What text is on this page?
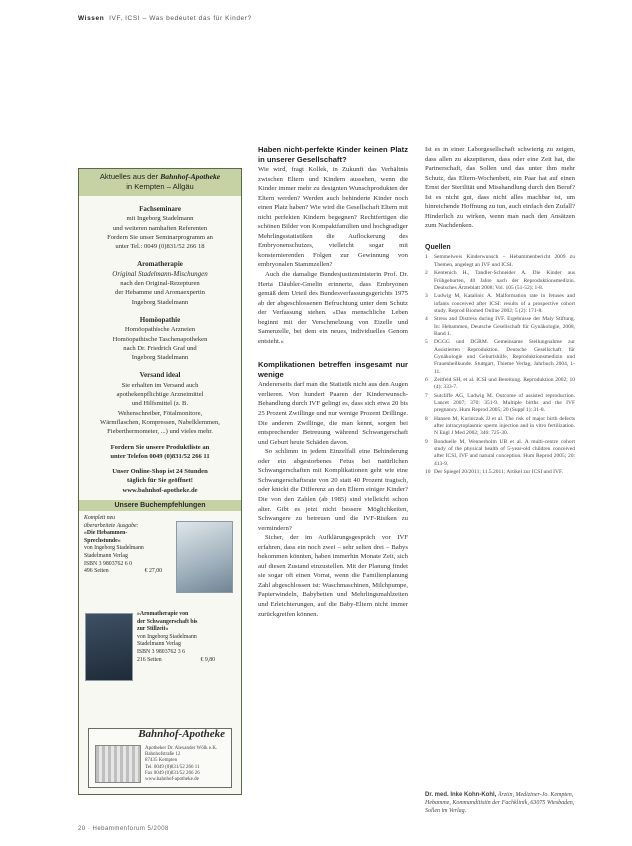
Wissen IVF, ICSI – Was bedeutet das für Kinder?
Aktuelles aus der Bahnhof-Apotheke
in Kempten – Allgäu

Fachseminare

mit Ingeborg Stadelmann

und weiteren namhaften Referenten

Fordern Sie unser Seminarprogramm an

unter Tel.: 0049 (0)831/52 266 18

Aromatherapie

Original Stadelmann-Mischungen

nach den Original-Rezepturen

der Hebamme und Aromaexpertin

Ingeborg Stadelmann

Homöopathie

Homöopathische Arzneien

Homöopathische Taschenapotheken

nach Dr. Friedrich Graf und

Ingeborg Stadelmann

Versand ideal

Sie erhalten im Versand auch

apothekenpflichtige Arzneimittel

und Hilfsmittel (z. B.

Wehenschreiber, Fötalmonitore,

Wärmflaschen, Kompressen, Nabelklemmen,

Fieberthermometer, ...) und vieles mehr.

Fordern Sie unsere Produktliste an

unter Telefon 0049 (0)831/52 266 11

Unser Online-Shop ist 24 Stunden

täglich für Sie geöffnet!

www.bahnhof-apotheke.de

Unsere Buchempfehlungen
Komplett neu
überarbeitete Ausgabe:
»Die Hebammen-
Sprechstunde«
von Ingeborg Stadelmann
Stadelmann Verlag
ISBN 3 9803762 6 0
496 Seiten	€ 27,00
»Aromatherapie von
der Schwangerschaft bis
zur Stillzeit«
von Ingeborg Stadelmann
Stadelmann Verlag
ISBN 3 9803762 3 6
216 Seiten	€ 9,80
Bahnhof-Apotheke
Apotheker Dr. Alexander Wölk e.K.
Bahnhofstraße 12
87435 Kempten
Tel. 0049 (0)831/52 266 11
Fax 0049 (0)831/52 266 26
www.bahnhof-apotheke.de
Haben nicht-perfekte Kinder keinen Platz in unserer Gesellschaft?

Wie wird, fragt Kollek, in Zukunft das Verhältnis zwischen Eltern und Kindern aussehen, wenn die Kinder immer mehr zu designten Wunschprodukten der Eltern werden? Werden auch behinderte Kinder noch einen Platz haben? Wie wird die Gesellschaft Eltern mit nicht perfekten Kindern begegnen? Rechtfertigen die schönen Bilder von Kompaktfamilien und hochgradiger Mehrlingsstatistiken die Auflockerung des Embryonenschutzes, vielleicht sogar mit konsternierenden Folgen zur Gewinnung von embryonalen Stammzellen?

Auch die damalige Bundesjustizministerin Prof. Dr. Herta Däubler-Gmelin erinnerte, dass Embryonen gemäß dem Urteil des Bundesverfassungsgerichts 1975 ab der abgeschlossenen Befruchtung unter dem Schutz der Verfassung stehen. »Das menschliche Leben beginnt mit der Verschmelzung von Eizelle und Samenzelle, bei dem ein neues, individuelles Genom entsteht.«

Komplikationen betreffen insgesamt nur wenige

Andererseits darf man die Statistik nicht aus den Augen verlieren. Von hundert Paaren der Kinderwunsch-Behandlung durch IVF gelingt es, dass sich etwa 20 bis 25 Prozent Zwillinge und nur wenige Prozent Drillinge. Die anderen Zwillinge, die man kennt, sorgen bei entsprechender Betreuung während Schwangerschaft und Geburt heute Schäden davon.

So schlimm in jedem Einzelfall eine Behinderung oder ein abgestorbenes Fetus bei natürlichen Schwangerschaften mit Komplikationen geht wie eine Schwangerschaftsrate von 20 statt 40 Prozent tragisch, oder knickt die Differenz an den Eltern einiger Kinder? Die von den Zahlen (ab 1985) sind vielleicht schon alter. Gibt es jetzt nicht bessere Möglichkeiten, Schwangere zu betreuen und die IVF-Risiken zu vermindern?

Sicher, der im Aufklärungsgespräch vor IVF erfahren, dass ein noch zwei – sehr selten drei – Babys bekommen könnten, haben immerhin Monate Zeit, sich auf diesen Zustand einzustellen. Mit der Planung findet sie sogar oft einen Vorrat, wenn die Familienplanung Zahl abgeschlossen ist: Waschmaschinen, Milchpumpe, Papierwindeln, Babybetten und Mehrlingsmahlzeiten und Erleichterungen, auf die Baby-Eltern nicht immer zurückgreifen können.

Ist es in einer Laborgesellschaft schwierig zu zeigen, dass allen zu akzeptieren, dass oder eine Zeit hat, die Partnerschaft, das Sollen und das unter ihm mehr Schutz, das Eltern-Wochenbett, ein Paar hat auf einen Ernst der Sterilität und Misshandlung durch den Beruf? Ist es nicht gut, dass nicht alles machbar ist, um hinreichende Hoffnung zu tun, auch einfach den Zufall? Hinderlich zu wirken, wenn man nach den Ansätzen zum Nachdenken.

Quellen
1 Semmelweis Kinderwunsch – Hebammenbericht 2009 zu Themen, angelegt an IVF und ICSI.
2 Kentenich H., Tandler-Schneider A. Die Kinder aus Frühgeburten, 40 Jahre nach der Reproduktionsmedizin. Deutsches Ärzteblatt 2008; Vol. 105 (51-52): 1-8.
3 Ludwig M, Katalinic A. Malformation rate in fetuses and infants conceived after ICSI: results of a prospective cohort study. Reprod Biomed Online 2002; 5 (2): 171-8.
4 Stress and Distress during IVF. Ergebnisse der Maly Stiftung. In: Hebammen, Deutsche Gesellschaft für Gynäkologie, 2008, Band 1.
5 DGGG und DGRM. Gemeinsame Stellungnahme zur Assistierten Reproduktion. Deutsche Gesellschaft für Gynäkologie und Geburtshilfe, Reproduktionsmedizin und Frauenheilkunde. Stuttgart, Thieme Verlag, Jahrbuch 2004, 1-11.
6 Zeitfeld SH, et al. ICSI und Bereitung. Reproduktion 2002; 10 (4): 333-7.
7 Sutcliffe AG, Ludwig M. Outcome of assisted reproduction. Lancet 2007; 370: 351-9. Multiple births and the IVF pregnancy. Hum Reprod 2005; 20 (Suppl 1): 31-8.
8 Hansen M, Kurinczuk JJ et al. The risk of major birth defects after intracytoplasmic sperm injection and in vitro fertilization. N Engl J Med 2002; 346: 725-30.
9 Bonduelle M, Wennerholm UB et al. A multi-centre cohort study of the physical health of 5-year-old children conceived after ICSI, IVF and natural conception. Hum Reprod 2005; 20: 413-9.
10 Der Spiegel 20/2011; 11.5.2011; Artikel zur ICSI und IVF.
Dr. med. Inke Kohn-Kohl, Ärztin, Mediziner-Jo. Kempten, Hebamme, Kommanditistin der Fachklinik, 63075 Wiesbaden, Sollen im Verlag.
20 · Hebammenforum 5/2008
